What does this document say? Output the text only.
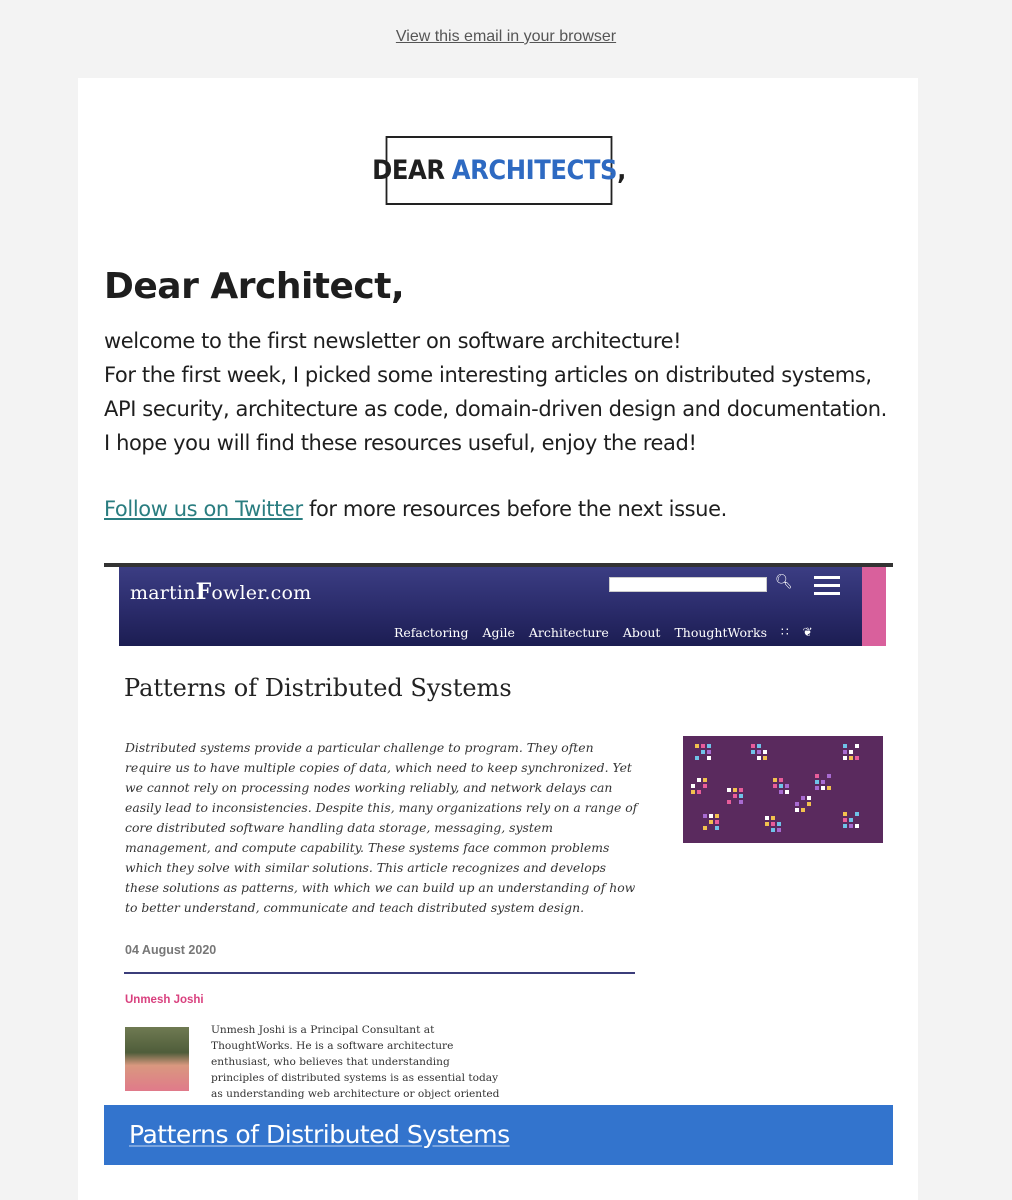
View this email in your browser
DEAR ARCHITECTS ,
Dear Architect,
welcome to the first newsletter on software architecture!
For the first week, I picked some interesting articles on distributed systems, API security, architecture as code, domain-driven design and documentation.
I hope you will find these resources useful, enjoy the read!
Follow us on Twitter for more resources before the next issue.
martinFowler.com
🔍︎
Refactoring Agile Architecture About ThoughtWorks ∷ ❦
Patterns of Distributed Systems
Distributed systems provide a particular challenge to program. They often require us to have multiple copies of data, which need to keep synchronized. Yet we cannot rely on processing nodes working reliably, and network delays can easily lead to inconsistencies. Despite this, many organizations rely on a range of core distributed software handling data storage, messaging, system management, and compute capability. These systems face common problems which they solve with similar solutions. This article recognizes and develops these solutions as patterns, with which we can build up an understanding of how to better understand, communicate and teach distributed system design.
04 August 2020
Unmesh Joshi
Unmesh Joshi is a Principal Consultant at ThoughtWorks. He is a software architecture enthusiast, who believes that understanding principles of distributed systems is as essential today as understanding web architecture or object oriented
Patterns of Distributed Systems
